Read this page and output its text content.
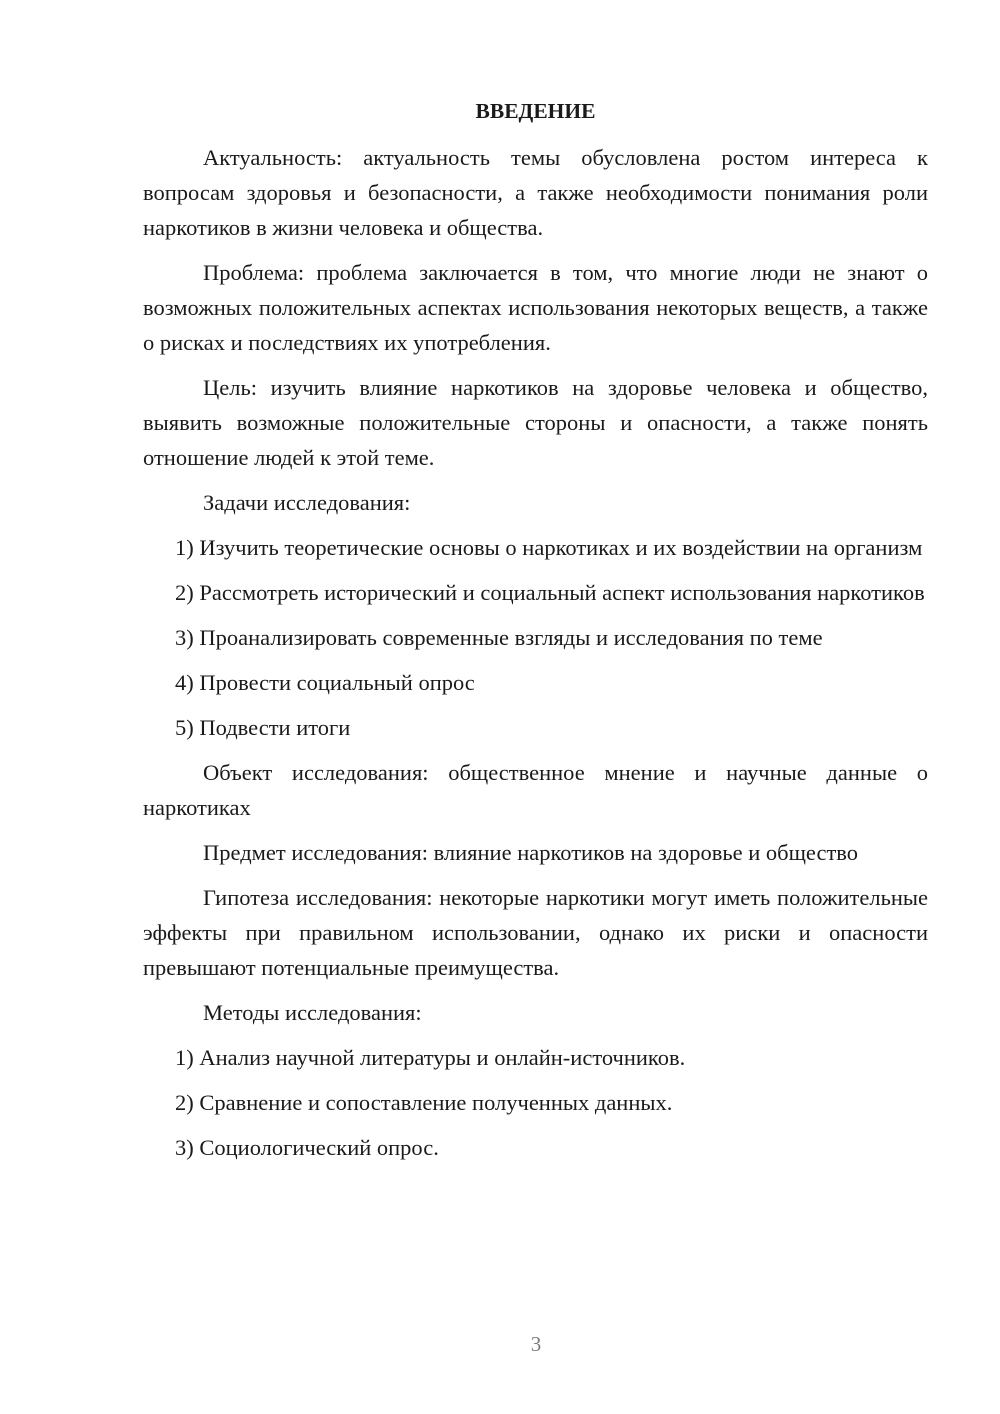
ВВЕДЕНИЕ

Актуальность: актуальность темы обусловлена ростом интереса к вопросам здоровья и безопасности, а также необходимости понимания роли наркотиков в жизни человека и общества.

Проблема: проблема заключается в том, что многие люди не знают о возможных положительных аспектах использования некоторых веществ, а также о рисках и последствиях их употребления.

Цель: изучить влияние наркотиков на здоровье человека и общество, выявить возможные положительные стороны и опасности, а также понять отношение людей к этой теме.

Задачи исследования:

1) Изучить теоретические основы о наркотиках и их воздействии на организм

2) Рассмотреть исторический и социальный аспект использования наркотиков

3) Проанализировать современные взгляды и исследования по теме

4) Провести социальный опрос

5) Подвести итоги

Объект исследования: общественное мнение и научные данные о наркотиках

Предмет исследования: влияние наркотиков на здоровье и общество

Гипотеза исследования: некоторые наркотики могут иметь положительные эффекты при правильном использовании, однако их риски и опасности превышают потенциальные преимущества.

Методы исследования:

1) Анализ научной литературы и онлайн-источников.

2) Сравнение и сопоставление полученных данных.

3) Социологический опрос.

3
